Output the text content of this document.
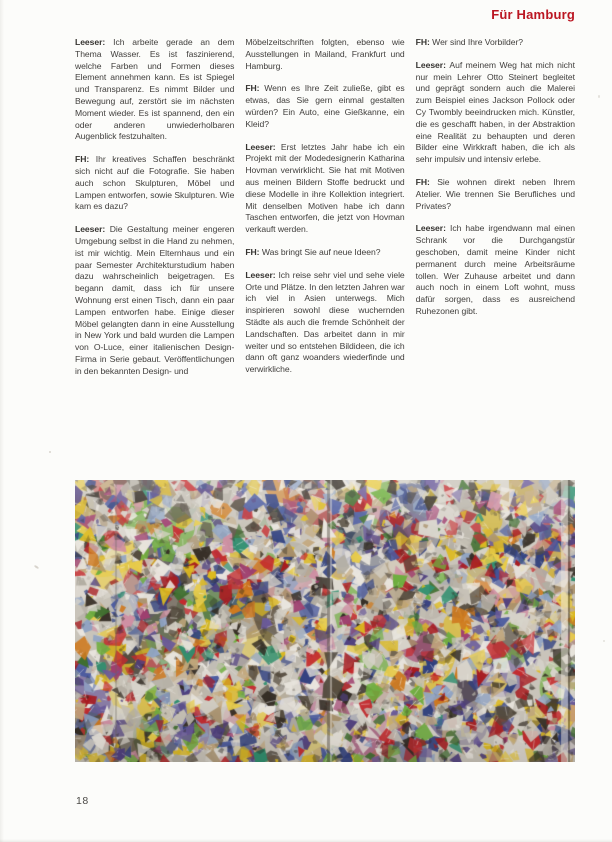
Für Hamburg

Leeser: Ich arbeite gerade an dem Thema Wasser. Es ist faszinierend, welche Farben und Formen dieses Element annehmen kann. Es ist Spiegel und Transparenz. Es nimmt Bilder und Bewegung auf, zerstört sie im nächsten Moment wieder. Es ist spannend, den ein oder anderen unwiederholbaren Augenblick festzuhalten.

FH: Ihr kreatives Schaffen beschränkt sich nicht auf die Fotografie. Sie haben auch schon Skulpturen, Möbel und Lampen entworfen, sowie Skulpturen. Wie kam es dazu?

Leeser: Die Gestaltung meiner engeren Umgebung selbst in die Hand zu nehmen, ist mir wichtig. Mein Elternhaus und ein paar Semester Architekturstudium haben dazu wahrscheinlich beigetragen. Es begann damit, dass ich für unsere Wohnung erst einen Tisch, dann ein paar Lampen entworfen habe. Einige dieser Möbel gelangten dann in eine Ausstellung in New York und bald wurden die Lampen von O-Luce, einer italienischen Design-Firma in Serie gebaut. Veröffentlichungen in den bekannten Design- und

Möbelzeitschriften folgten, ebenso wie Ausstellungen in Mailand, Frankfurt und Hamburg.

FH: Wenn es Ihre Zeit zuließe, gibt es etwas, das Sie gern einmal gestalten würden? Ein Auto, eine Gießkanne, ein Kleid?

Leeser: Erst letztes Jahr habe ich ein Projekt mit der Modedesignerin Katharina Hovman verwirklicht. Sie hat mit Motiven aus meinen Bildern Stoffe bedruckt und diese Modelle in ihre Kollektion integriert. Mit denselben Motiven habe ich dann Taschen entworfen, die jetzt von Hovman verkauft werden.

FH: Was bringt Sie auf neue Ideen?

Leeser: Ich reise sehr viel und sehe viele Orte und Plätze. In den letzten Jahren war ich viel in Asien unterwegs. Mich inspirieren sowohl diese wuchernden Städte als auch die fremde Schönheit der Landschaften. Das arbeitet dann in mir weiter und so entstehen Bildideen, die ich dann oft ganz woanders wiederfinde und verwirkliche.

FH: Wer sind Ihre Vorbilder?

Leeser: Auf meinem Weg hat mich nicht nur mein Lehrer Otto Steinert begleitet und geprägt sondern auch die Malerei zum Beispiel eines Jackson Pollock oder Cy Twombly beeindrucken mich. Künstler, die es geschafft haben, in der Abstraktion eine Realität zu behaupten und deren Bilder eine Wirkkraft haben, die ich als sehr impulsiv und intensiv erlebe.

FH: Sie wohnen direkt neben Ihrem Atelier. Wie trennen Sie Berufliches und Privates?

Leeser: Ich habe irgendwann mal einen Schrank vor die Durchgangstür geschoben, damit meine Kinder nicht permanent durch meine Arbeitsräume tollen. Wer Zuhause arbeitet und dann auch noch in einem Loft wohnt, muss dafür sorgen, dass es ausreichend Ruhezonen gibt.

18
